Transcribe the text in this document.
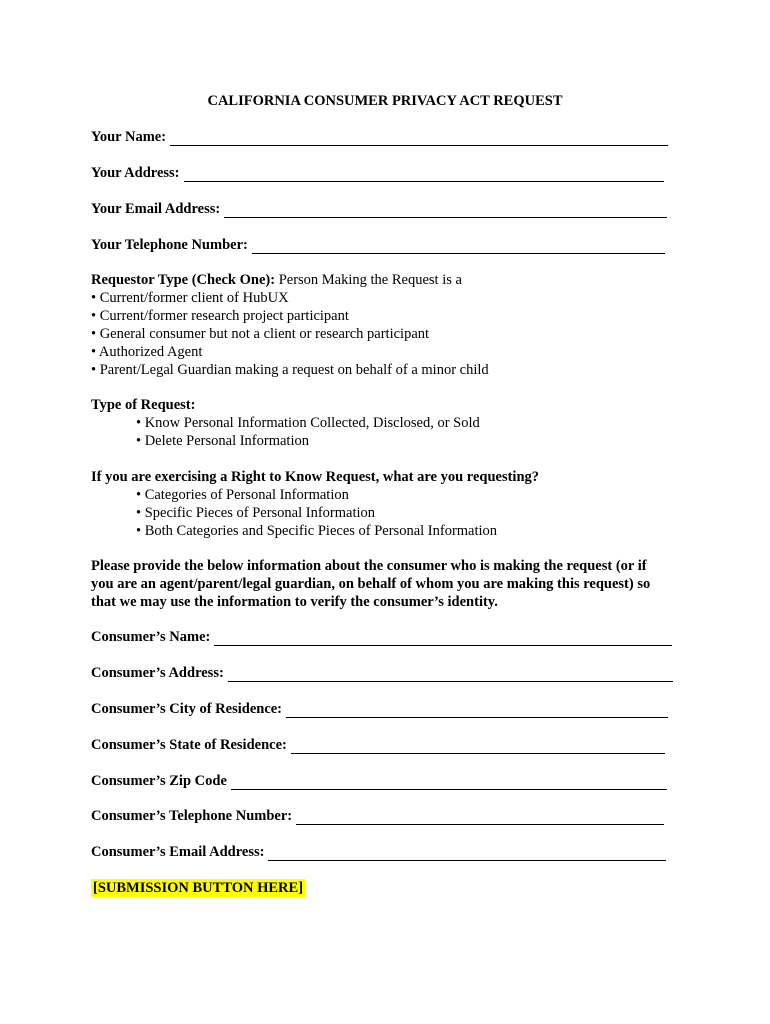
CALIFORNIA CONSUMER PRIVACY ACT REQUEST
Your Name:
Your Address:
Your Email Address:
Your Telephone Number:
Requestor Type (Check One): Person Making the Request is a
• Current/former client of HubUX
• Current/former research project participant
• General consumer but not a client or research participant
• Authorized Agent
• Parent/Legal Guardian making a request on behalf of a minor child
Type of Request:
• Know Personal Information Collected, Disclosed, or Sold
• Delete Personal Information
If you are exercising a Right to Know Request, what are you requesting?
• Categories of Personal Information
• Specific Pieces of Personal Information
• Both Categories and Specific Pieces of Personal Information
Please provide the below information about the consumer who is making the request (or if
you are an agent/parent/legal guardian, on behalf of whom you are making this request) so
that we may use the information to verify the consumer’s identity.
Consumer’s Name:
Consumer’s Address:
Consumer’s City of Residence:
Consumer’s State of Residence:
Consumer’s Zip Code
Consumer’s Telephone Number:
Consumer’s Email Address:
[SUBMISSION BUTTON HERE]
